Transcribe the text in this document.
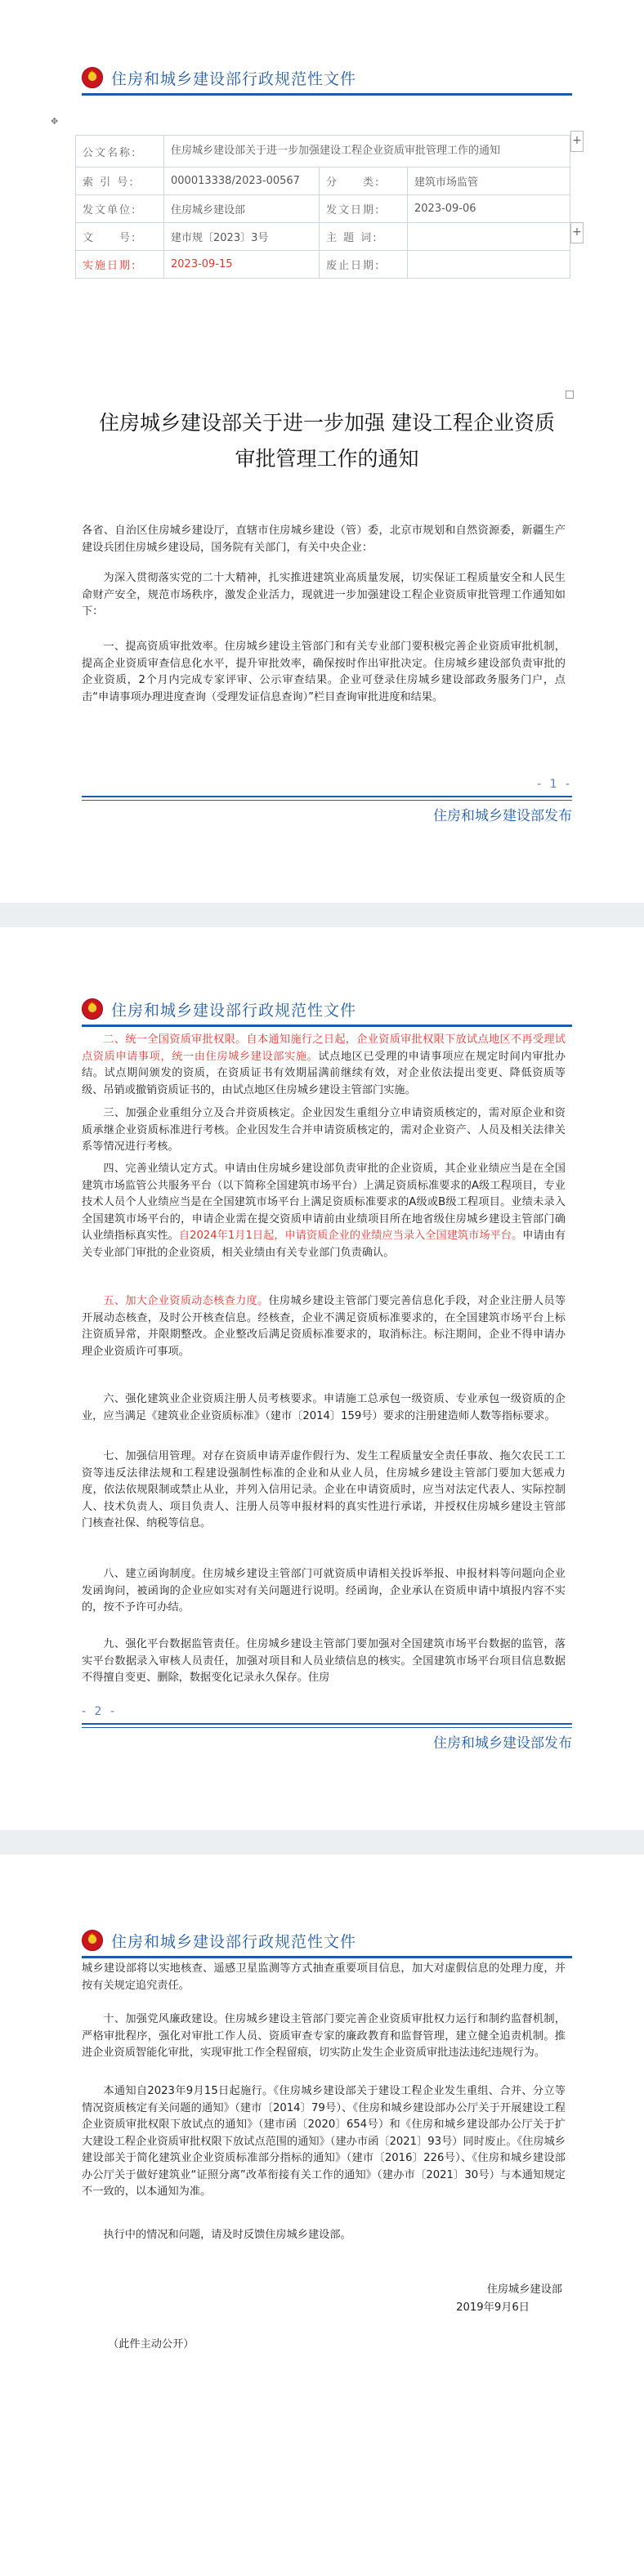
★
住房和城乡建设部行政规范性文件
✥
+
+
公文名称:	住房城乡建设部关于进一步加强建设工程企业资质审批管理工作的通知		
索 引 号:	000013338/2023-00567	分　　类:	建筑市场监管
发文单位:	住房城乡建设部	发文日期:	2023-09-06
文　　号:	建市规〔2023〕3号	主 题 词:	
实施日期:	2023-09-15	废止日期:	
住房城乡建设部关于进一步加强 建设工程企业资质审批管理工作的通知
各省、自治区住房城乡建设厅，直辖市住房城乡建设（管）委，北京市规划和自然资源委，新疆生产建设兵团住房城乡建设局，国务院有关部门，有关中央企业：
为深入贯彻落实党的二十大精神，扎实推进建筑业高质量发展，切实保证工程质量安全和人民生命财产安全，规范市场秩序，激发企业活力，现就进一步加强建设工程企业资质审批管理工作通知如下：
一、提高资质审批效率。住房城乡建设主管部门和有关专业部门要积极完善企业资质审批机制，提高企业资质审查信息化水平，提升审批效率，确保按时作出审批决定。住房城乡建设部负责审批的企业资质，2个月内完成专家评审、公示审查结果。企业可登录住房城乡建设部政务服务门户，点击“申请事项办理进度查询（受理发证信息查询）”栏目查询审批进度和结果。
- 1 -
住房和城乡建设部发布
★
住房和城乡建设部行政规范性文件
二、统一全国资质审批权限。自本通知施行之日起，企业资质审批权限下放试点地区不再受理试点资质申请事项，统一由住房城乡建设部实施。试点地区已受理的申请事项应在规定时间内审批办结。试点期间颁发的资质，在资质证书有效期届满前继续有效，对企业依法提出变更、降低资质等级、吊销或撤销资质证书的，由试点地区住房城乡建设主管部门实施。
三、加强企业重组分立及合并资质核定。企业因发生重组分立申请资质核定的，需对原企业和资质承继企业资质标准进行考核。企业因发生合并申请资质核定的，需对企业资产、人员及相关法律关系等情况进行考核。
四、完善业绩认定方式。申请由住房城乡建设部负责审批的企业资质，其企业业绩应当是在全国建筑市场监管公共服务平台（以下简称全国建筑市场平台）上满足资质标准要求的A级工程项目，专业技术人员个人业绩应当是在全国建筑市场平台上满足资质标准要求的A级或B级工程项目。业绩未录入全国建筑市场平台的，申请企业需在提交资质申请前由业绩项目所在地省级住房城乡建设主管部门确认业绩指标真实性。自2024年1月1日起，申请资质企业的业绩应当录入全国建筑市场平台。申请由有关专业部门审批的企业资质，相关业绩由有关专业部门负责确认。
五、加大企业资质动态核查力度。住房城乡建设主管部门要完善信息化手段，对企业注册人员等开展动态核查，及时公开核查信息。经核查，企业不满足资质标准要求的，在全国建筑市场平台上标注资质异常，并限期整改。企业整改后满足资质标准要求的，取消标注。标注期间，企业不得申请办理企业资质许可事项。
六、强化建筑业企业资质注册人员考核要求。申请施工总承包一级资质、专业承包一级资质的企业，应当满足《建筑业企业资质标准》（建市〔2014〕159号）要求的注册建造师人数等指标要求。
七、加强信用管理。对存在资质申请弄虚作假行为、发生工程质量安全责任事故、拖欠农民工工资等违反法律法规和工程建设强制性标准的企业和从业人员，住房城乡建设主管部门要加大惩戒力度，依法依规限制或禁止从业，并列入信用记录。企业在申请资质时，应当对法定代表人、实际控制人、技术负责人、项目负责人、注册人员等申报材料的真实性进行承诺，并授权住房城乡建设主管部门核查社保、纳税等信息。
八、建立函询制度。住房城乡建设主管部门可就资质申请相关投诉举报、申报材料等问题向企业发函询问，被函询的企业应如实对有关问题进行说明。经函询，企业承认在资质申请中填报内容不实的，按不予许可办结。
九、强化平台数据监管责任。住房城乡建设主管部门要加强对全国建筑市场平台数据的监管，落实平台数据录入审核人员责任，加强对项目和人员业绩信息的核实。全国建筑市场平台项目信息数据不得擅自变更、删除，数据变化记录永久保存。住房
- 2 -
住房和城乡建设部发布
★
住房和城乡建设部行政规范性文件
城乡建设部将以实地核查、遥感卫星监测等方式抽查重要项目信息，加大对虚假信息的处理力度，并按有关规定追究责任。
十、加强党风廉政建设。住房城乡建设主管部门要完善企业资质审批权力运行和制约监督机制，严格审批程序，强化对审批工作人员、资质审查专家的廉政教育和监督管理，建立健全追责机制。推进企业资质智能化审批，实现审批工作全程留痕，切实防止发生企业资质审批违法违纪违规行为。
本通知自2023年9月15日起施行。《住房城乡建设部关于建设工程企业发生重组、合并、分立等情况资质核定有关问题的通知》（建市〔2014〕79号）、《住房和城乡建设部办公厅关于开展建设工程企业资质审批权限下放试点的通知》（建市函〔2020〕654号）和《住房和城乡建设部办公厅关于扩大建设工程企业资质审批权限下放试点范围的通知》（建办市函〔2021〕93号）同时废止。《住房城乡建设部关于简化建筑业企业资质标准部分指标的通知》（建市〔2016〕226号）、《住房和城乡建设部办公厅关于做好建筑业“证照分离”改革衔接有关工作的通知》（建办市〔2021〕30号）与本通知规定不一致的，以本通知为准。
执行中的情况和问题，请及时反馈住房城乡建设部。
住房城乡建设部
2019年9月6日
（此件主动公开）
